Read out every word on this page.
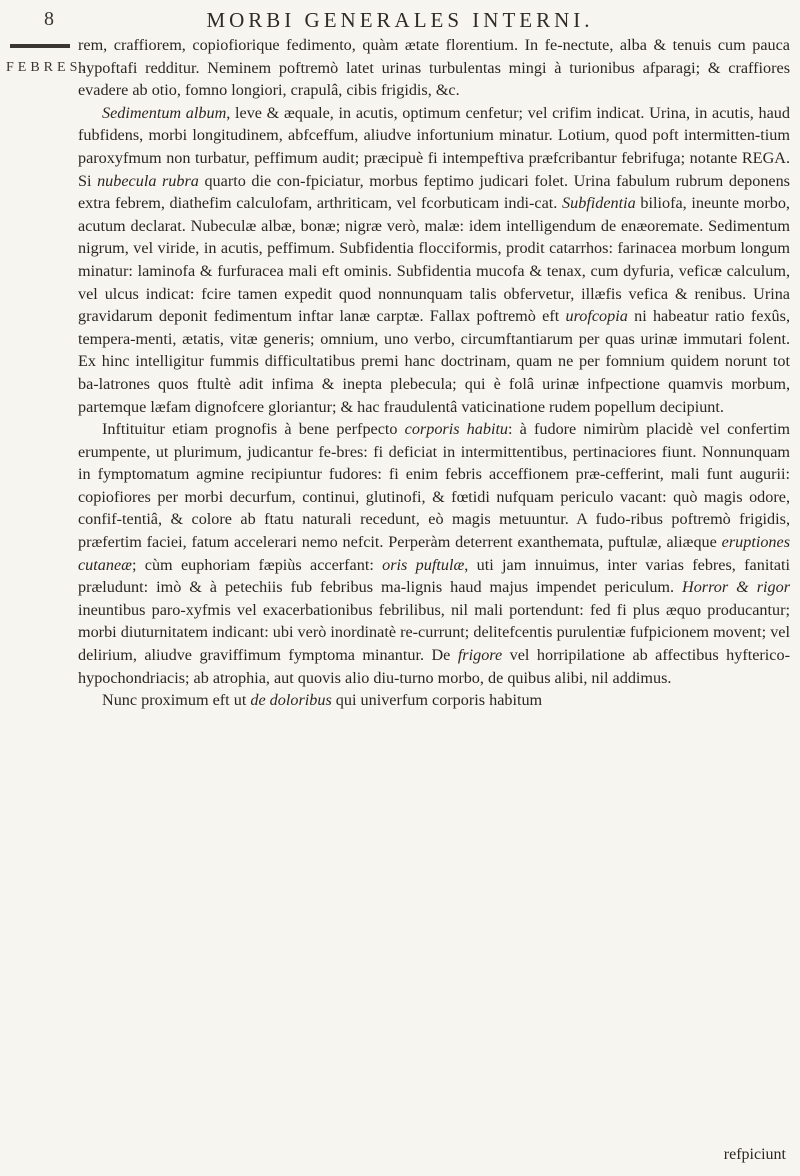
8	MORBI GENERALES INTERNI.
FEBRES.

rem, craffiorem, copiofiorique fedimento, quàm ætate florentium. In fe-nectute, alba & tenuis cum pauca hypoftafi redditur. Neminem poftremò latet urinas turbulentas mingi à turionibus afparagi; & craffiores evadere ab otio, fomno longiori, crapulâ, cibis frigidis, &c.

Sedimentum album, leve & æquale, in acutis, optimum cenfetur; vel crifim indicat. Urina, in acutis, haud fubfidens, morbi longitudinem, abfceffum, aliudve infortunium minatur. Lotium, quod poft intermitten-tium paroxyfmum non turbatur, peffimum audit; præcipuè fi intempeftiva præfcribantur febrifuga; notante REGA. Si nubecula rubra quarto die con-fpiciatur, morbus feptimo judicari folet. Urina fabulum rubrum deponens extra febrem, diathefim calculofam, arthriticam, vel fcorbuticam indi-cat. Subfidentia biliofa, ineunte morbo, acutum declarat. Nubeculæ albæ, bonæ; nigræ verò, malæ: idem intelligendum de enæoremate. Sedimentum nigrum, vel viride, in acutis, peffimum. Subfidentia flocciformis, prodit catarrhos: farinacea morbum longum minatur: laminofa & furfuracea mali eft ominis. Subfidentia mucofa & tenax, cum dyfuria, veficæ calculum, vel ulcus indicat: fcire tamen expedit quod nonnunquam talis obfervetur, illæfis vefica & renibus. Urina gravidarum deponit fedimentum inftar lanæ carptæ. Fallax poftremò eft urofcopia ni habeatur ratio fexûs, tempera-menti, ætatis, vitæ generis; omnium, uno verbo, circumftantiarum per quas urinæ immutari folent. Ex hinc intelligitur fummis difficultatibus premi hanc doctrinam, quam ne per fomnium quidem norunt tot ba-latrones quos ftultè adit infima & inepta plebecula; qui è folâ urinæ infpectione quamvis morbum, partemque læfam dignofcere gloriantur; & hac fraudulentâ vaticinatione rudem popellum decipiunt.

Inftituitur etiam prognofis à bene perfpecto corporis habitu: à fudore nimirùm placidè vel confertim erumpente, ut plurimum, judicantur fe-bres: fi deficiat in intermittentibus, pertinaciores fiunt. Nonnunquam in fymptomatum agmine recipiuntur fudores: fi enim febris acceffionem præ-cefferint, mali funt augurii: copiofiores per morbi decurfum, continui, glutinofi, & fœtidi nufquam periculo vacant: quò magis odore, confif-tentiâ, & colore ab ftatu naturali recedunt, eò magis metuuntur. A fudo-ribus poftremò frigidis, præfertim faciei, fatum accelerari nemo nefcit. Perperàm deterrent exanthemata, puftulæ, aliæque eruptiones cutaneæ; cùm euphoriam fæpiùs accerfant: oris puftulæ, uti jam innuimus, inter varias febres, fanitati præludunt: imò & à petechiis fub febribus ma-lignis haud majus impendet periculum. Horror & rigor ineuntibus paro-xyfmis vel exacerbationibus febrilibus, nil mali portendunt: fed fi plus æquo producantur; morbi diuturnitatem indicant: ubi verò inordinatè re-currunt; delitefcentis purulentiæ fufpicionem movent; vel delirium, aliudve graviffimum fymptoma minantur. De frigore vel horripilatione ab affectibus hyfterico-hypochondriacis; ab atrophia, aut quovis alio diu-turno morbo, de quibus alibi, nil addimus.

Nunc proximum eft ut de doloribus qui univerfum corporis habitum

refpiciunt
